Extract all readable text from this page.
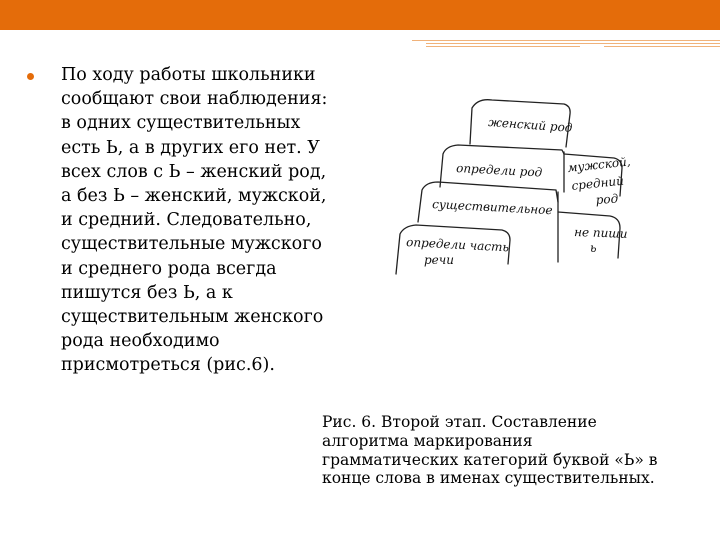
По ходу работы школьники
сообщают свои наблюдения:
в одних существительных
есть Ь, а в других его нет. У
всех слов с Ь – женский род,
а без Ь – женский, мужской,
и средний. Следовательно,
существительные мужского
и среднего рода всегда
пишутся без Ь, а к
существительным женского
рода необходимо
присмотреться (рис.6).
женский род
определи род мужской,
средний
род
существительное
не пиши
ь
определи часть
речи
Рис. 6. Второй этап. Составление
алгоритма маркирования
грамматических категорий буквой «Ь» в
конце слова в именах существительных.
